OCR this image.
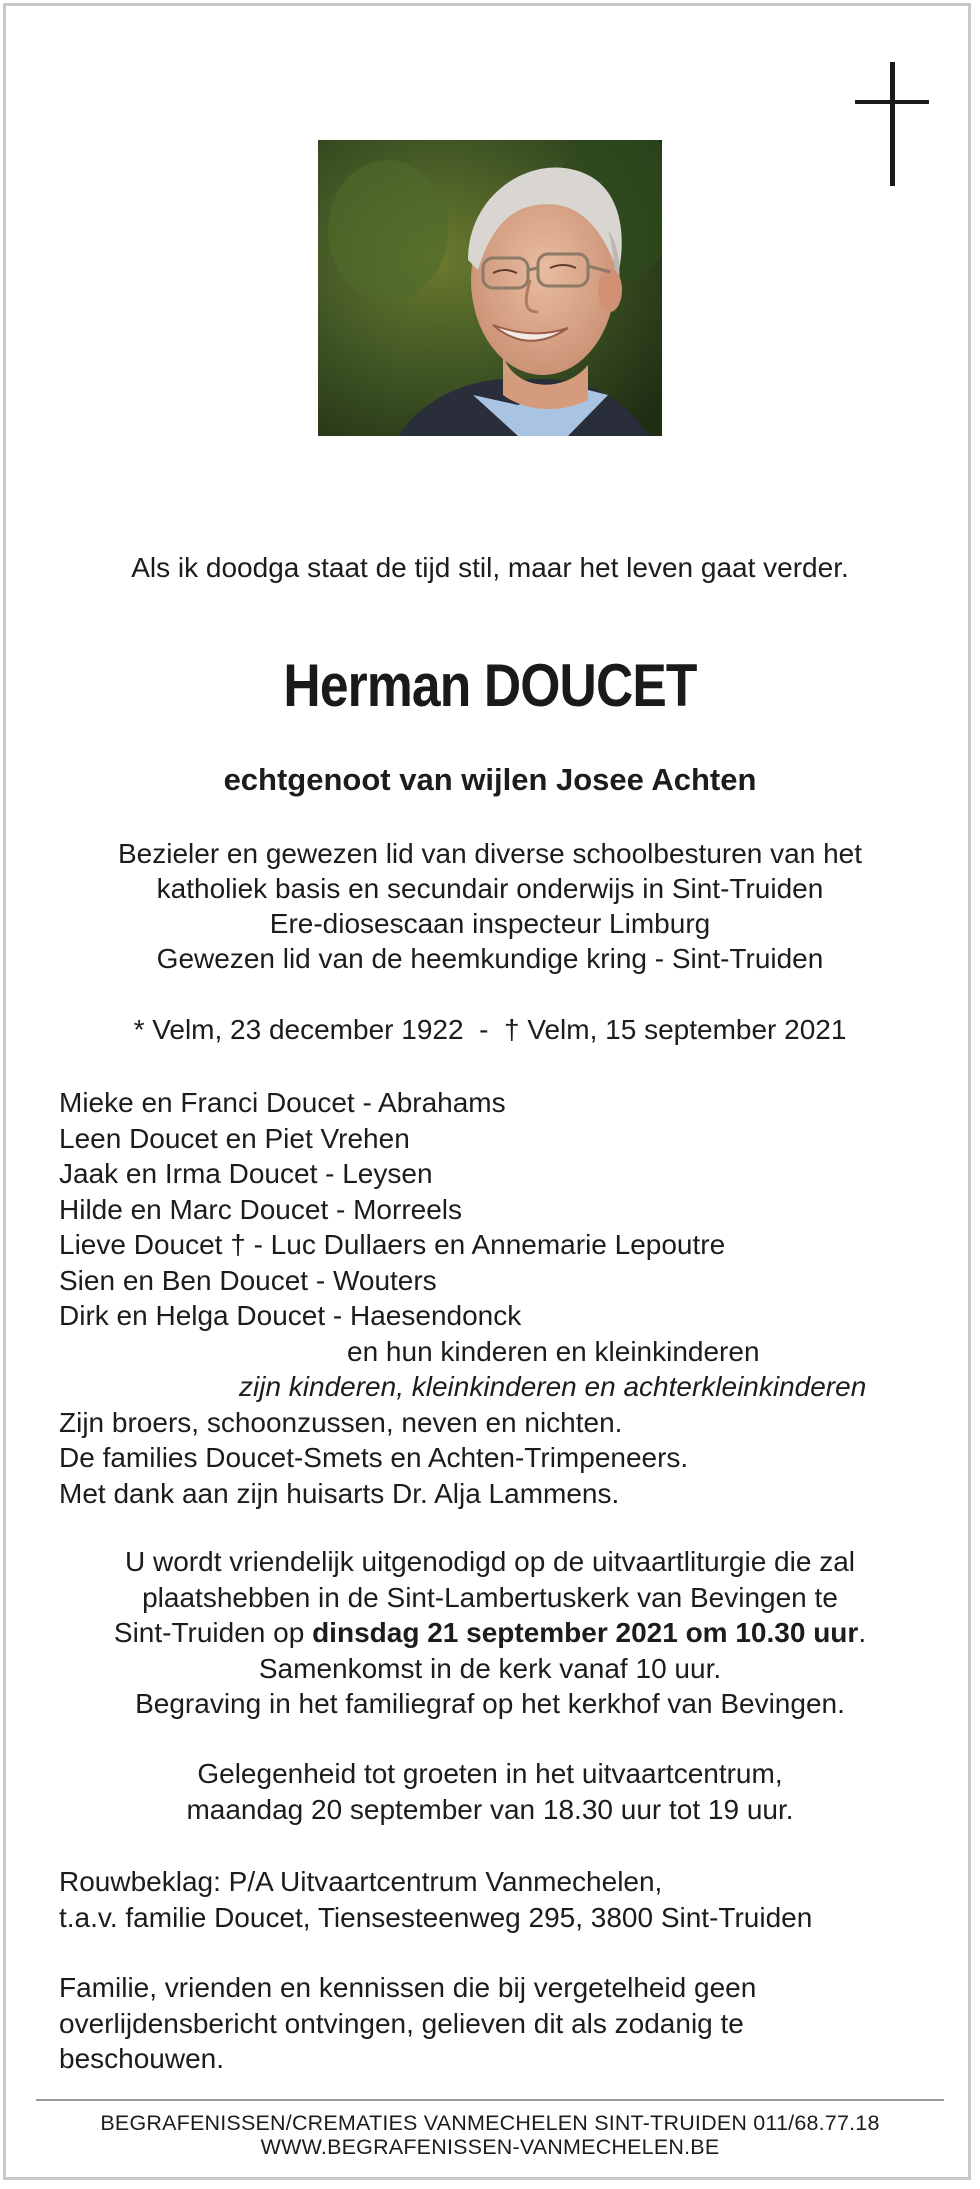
Als ik doodga staat de tijd stil, maar het leven gaat verder.
Herman DOUCET
echtgenoot van wijlen Josee Achten
Bezieler en gewezen lid van diverse schoolbesturen van het
katholiek basis en secundair onderwijs in Sint-Truiden
Ere-diosescaan inspecteur Limburg
Gewezen lid van de heemkundige kring - Sint-Truiden
* Velm, 23 december 1922  -  † Velm, 15 september 2021
Mieke en Franci Doucet - Abrahams
Leen Doucet en Piet Vrehen
Jaak en Irma Doucet - Leysen
Hilde en Marc Doucet - Morreels
Lieve Doucet † - Luc Dullaers en Annemarie Lepoutre
Sien en Ben Doucet - Wouters
Dirk en Helga Doucet - Haesendonck
en hun kinderen en kleinkinderen
zijn kinderen, kleinkinderen en achterkleinkinderen
Zijn broers, schoonzussen, neven en nichten.
De families Doucet-Smets en Achten-Trimpeneers.
Met dank aan zijn huisarts Dr. Alja Lammens.
U wordt vriendelijk uitgenodigd op de uitvaartliturgie die zal
plaatshebben in de Sint-Lambertuskerk van Bevingen te
Sint-Truiden op dinsdag 21 september 2021 om 10.30 uur.
Samenkomst in de kerk vanaf 10 uur.
Begraving in het familiegraf op het kerkhof van Bevingen.
Gelegenheid tot groeten in het uitvaartcentrum,
maandag 20 september van 18.30 uur tot 19 uur.
Rouwbeklag: P/A Uitvaartcentrum Vanmechelen,
t.a.v. familie Doucet, Tiensesteenweg 295, 3800 Sint-Truiden
Familie, vrienden en kennissen die bij vergetelheid geen
overlijdensbericht ontvingen, gelieven dit als zodanig te
beschouwen.
BEGRAFENISSEN/CREMATIES VANMECHELEN SINT-TRUIDEN 011/68.77.18
WWW.BEGRAFENISSEN-VANMECHELEN.BE
